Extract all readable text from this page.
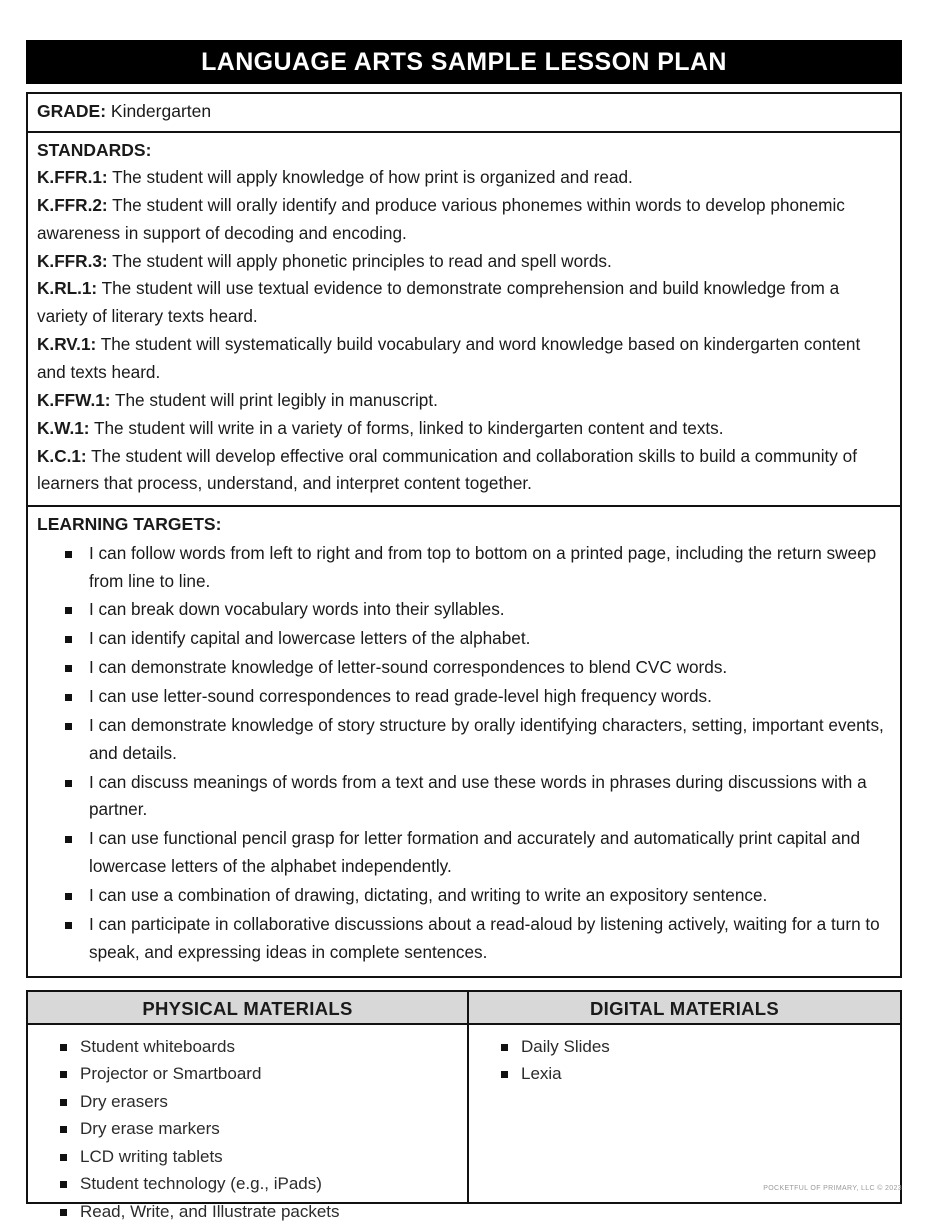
LANGUAGE ARTS SAMPLE LESSON PLAN
GRADE: Kindergarten
STANDARDS:

K.FFR.1: The student will apply knowledge of how print is organized and read.

K.FFR.2: The student will orally identify and produce various phonemes within words to develop phonemic awareness in support of decoding and encoding.

K.FFR.3: The student will apply phonetic principles to read and spell words.

K.RL.1: The student will use textual evidence to demonstrate comprehension and build knowledge from a variety of literary texts heard.

K.RV.1: The student will systematically build vocabulary and word knowledge based on kindergarten content and texts heard.

K.FFW.1: The student will print legibly in manuscript.

K.W.1: The student will write in a variety of forms, linked to kindergarten content and texts.

K.C.1: The student will develop effective oral communication and collaboration skills to build a community of learners that process, understand, and interpret content together.

LEARNING TARGETS:
I can follow words from left to right and from top to bottom on a printed page, including the return sweep from line to line.
I can break down vocabulary words into their syllables.
I can identify capital and lowercase letters of the alphabet.
I can demonstrate knowledge of letter-sound correspondences to blend CVC words.
I can use letter-sound correspondences to read grade-level high frequency words.
I can demonstrate knowledge of story structure by orally identifying characters, setting, important events, and details.
I can discuss meanings of words from a text and use these words in phrases during discussions with a partner.
I can use functional pencil grasp for letter formation and accurately and automatically print capital and lowercase letters of the alphabet independently.
I can use a combination of drawing, dictating, and writing to write an expository sentence.
I can participate in collaborative discussions about a read-aloud by listening actively, waiting for a turn to speak, and expressing ideas in complete sentences.
PHYSICAL MATERIALS
Student whiteboards
Projector or Smartboard
Dry erasers
Dry erase markers
LCD writing tablets
Student technology (e.g., iPads)
Read, Write, and Illustrate packets
DIGITAL MATERIALS
Daily Slides
Lexia
POCKETFUL OF PRIMARY, LLC © 2023
